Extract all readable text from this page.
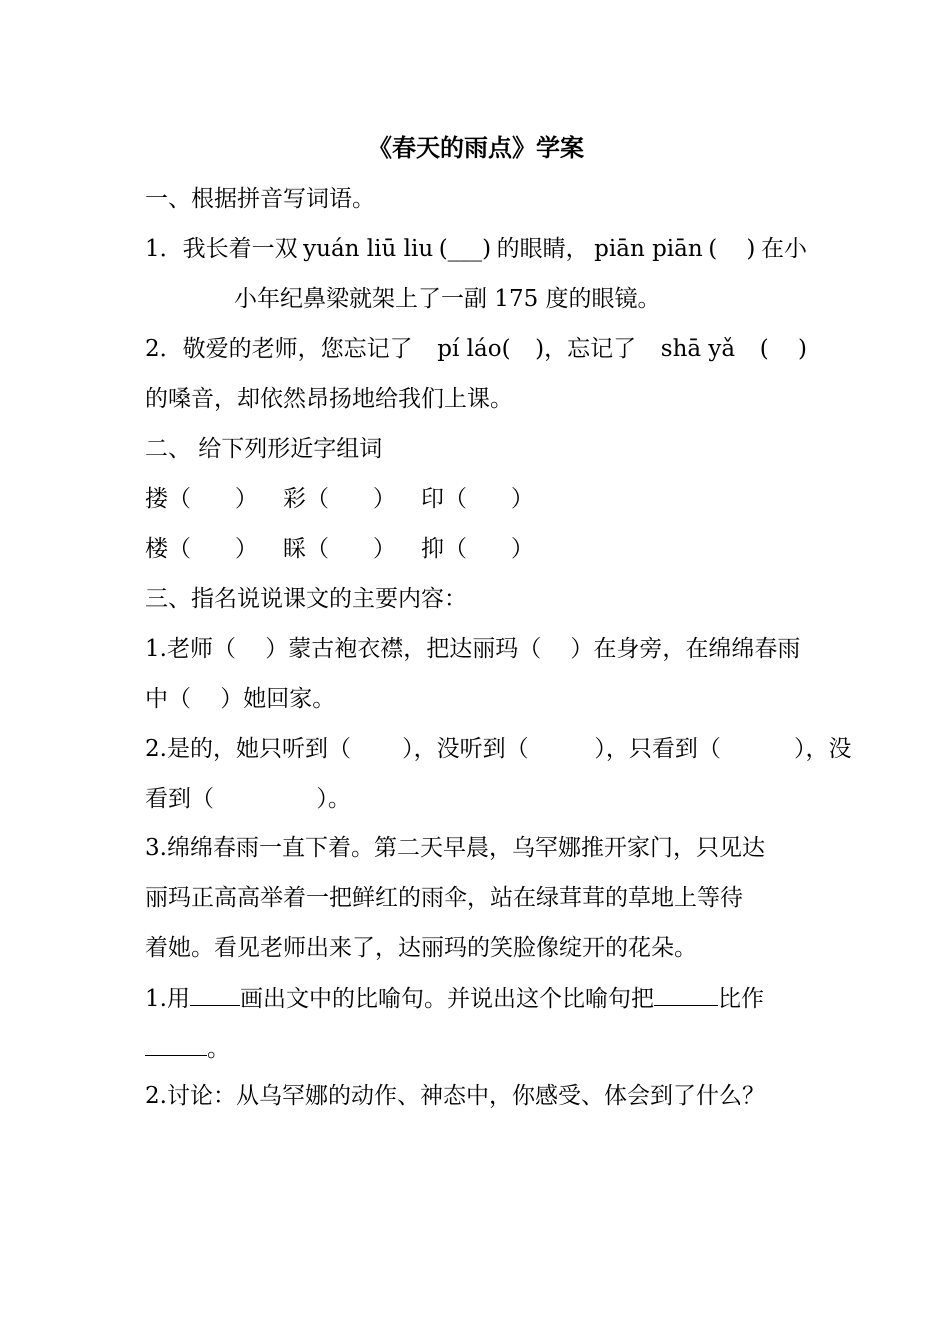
《春天的雨点》学案
一、根据拼音写词语。
1．我长着一双 yuán liū liu (___) 的眼睛， piān piān (    ) 在小
小年纪鼻梁就架上了一副 175 度的眼镜。
2．敬爱的老师，您忘记了 pí láo( )，忘记了 shā yǎ (    )
的嗓音，却依然昂扬地给我们上课。
二、 给下列形近字组词
搂（      ） 彩（      ） 印（      ）
楼（      ） 睬（      ） 抑（      ）
三、指名说说课文的主要内容：
1.老师（    ）蒙古袍衣襟，把达丽玛（    ）在身旁，在绵绵春雨
中（    ）她回家。
2.是的，她只听到（       ），没听到（         ），只看到（          ），没
看到（              ）。
3.绵绵春雨一直下着。第二天早晨，乌罕娜推开家门，只见达
丽玛正高高举着一把鲜红的雨伞，站在绿茸茸的草地上等待
着她。看见老师出来了，达丽玛的笑脸像绽开的花朵。
1.用 画出文中的比喻句。并说出这个比喻句把	比作
。
2.讨论：从乌罕娜的动作、神态中，你感受、体会到了什么？
